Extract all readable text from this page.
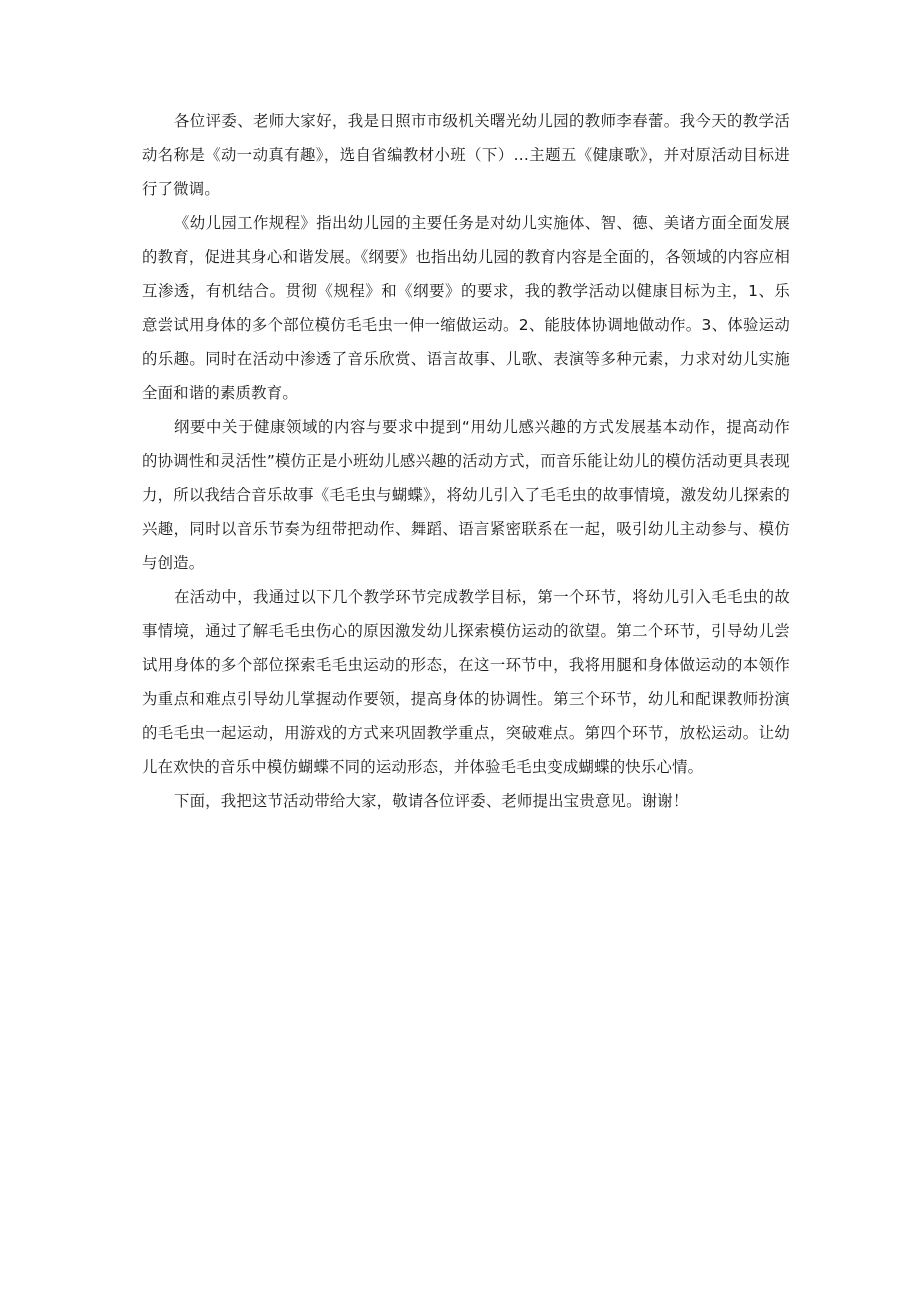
各位评委、老师大家好，我是日照市市级机关曙光幼儿园的教师李春蕾。我今天的教学活动名称是《动一动真有趣》，选自省编教材小班（下）…主题五《健康歌》，并对原活动目标进行了微调。

《幼儿园工作规程》指出幼儿园的主要任务是对幼儿实施体、智、德、美诸方面全面发展的教育，促进其身心和谐发展。《纲要》也指出幼儿园的教育内容是全面的，各领域的内容应相互渗透，有机结合。贯彻《规程》和《纲要》的要求，我的教学活动以健康目标为主，1、乐意尝试用身体的多个部位模仿毛毛虫一伸一缩做运动。2、能肢体协调地做动作。3、体验运动的乐趣。同时在活动中渗透了音乐欣赏、语言故事、儿歌、表演等多种元素，力求对幼儿实施全面和谐的素质教育。

纲要中关于健康领域的内容与要求中提到“用幼儿感兴趣的方式发展基本动作，提高动作的协调性和灵活性”模仿正是小班幼儿感兴趣的活动方式，而音乐能让幼儿的模仿活动更具表现力，所以我结合音乐故事《毛毛虫与蝴蝶》，将幼儿引入了毛毛虫的故事情境，激发幼儿探索的兴趣，同时以音乐节奏为纽带把动作、舞蹈、语言紧密联系在一起，吸引幼儿主动参与、模仿与创造。

在活动中，我通过以下几个教学环节完成教学目标，第一个环节，将幼儿引入毛毛虫的故事情境，通过了解毛毛虫伤心的原因激发幼儿探索模仿运动的欲望。第二个环节，引导幼儿尝试用身体的多个部位探索毛毛虫运动的形态，在这一环节中，我将用腿和身体做运动的本领作为重点和难点引导幼儿掌握动作要领，提高身体的协调性。第三个环节，幼儿和配课教师扮演的毛毛虫一起运动，用游戏的方式来巩固教学重点，突破难点。第四个环节，放松运动。让幼儿在欢快的音乐中模仿蝴蝶不同的运动形态，并体验毛毛虫变成蝴蝶的快乐心情。

下面，我把这节活动带给大家，敬请各位评委、老师提出宝贵意见。谢谢！
